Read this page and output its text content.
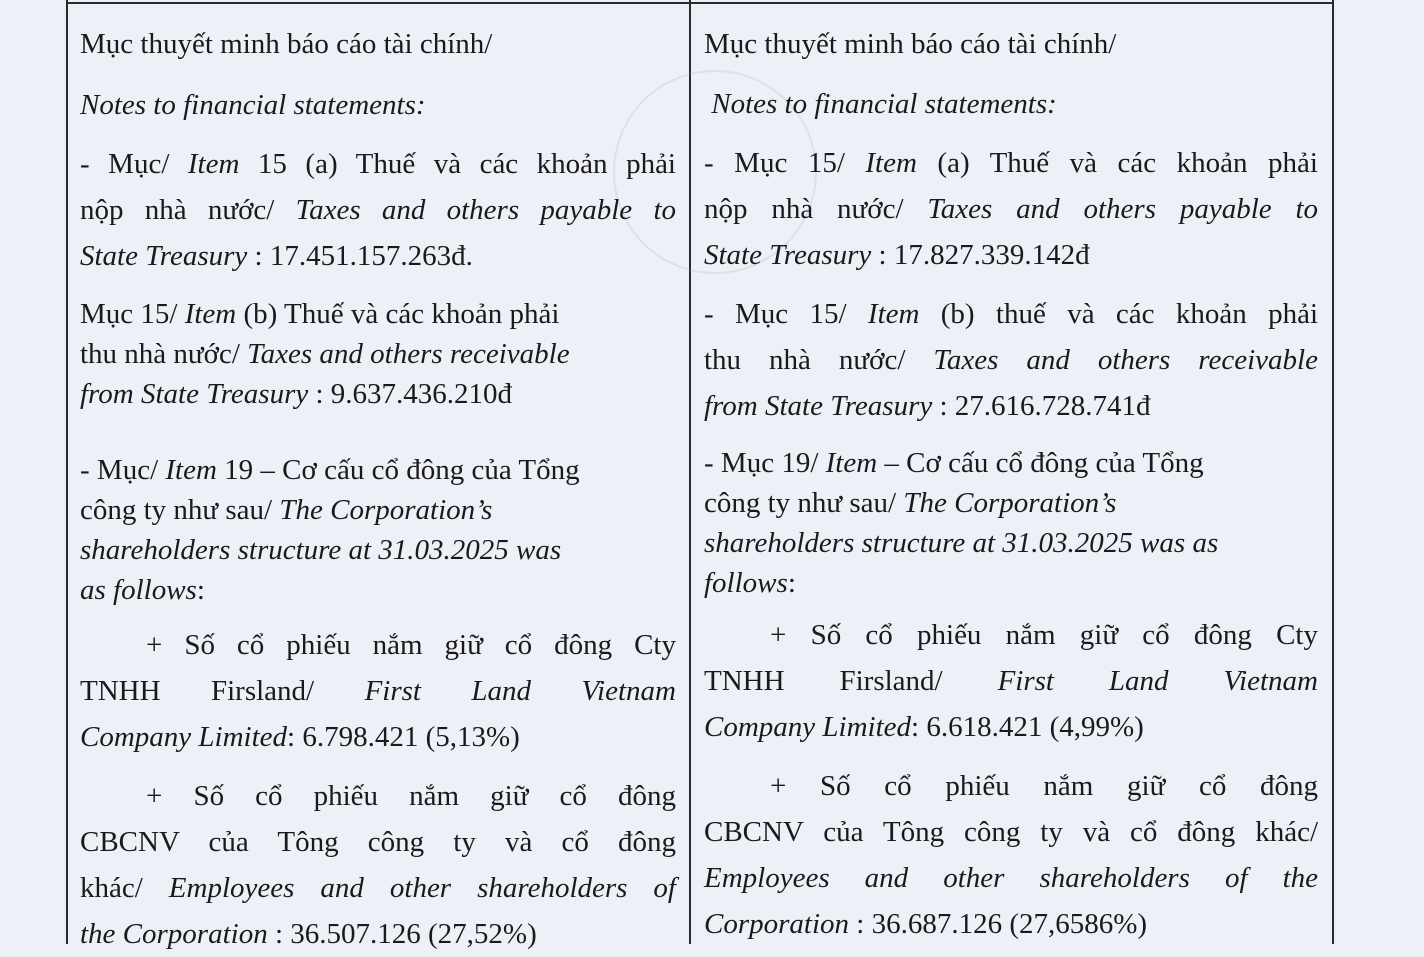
Mục thuyết minh báo cáo tài chính/

Notes to financial statements:

- Mục/ Item 15 (a) Thuế và các khoản phải
nộp nhà nước/ Taxes and others payable to
State Treasury : 17.451.157.263đ.

Mục 15/ Item (b) Thuế và các khoản phải
thu nhà nước/ Taxes and others receivable
from State Treasury : 9.637.436.210đ

- Mục/ Item 19 – Cơ cấu cổ đông của Tổng
công ty như sau/ The Corporation’s
shareholders structure at 31.03.2025 was
as follows:

+ Số cổ phiếu nắm giữ cổ đông Cty
TNHH Firsland/ First Land Vietnam
Company Limited: 6.798.421 (5,13%)

+ Số cổ phiếu nắm giữ cổ đông
CBCNV của Tông công ty và cổ đông
khác/ Employees and other shareholders of
the Corporation : 36.507.126 (27,52%)

Mục thuyết minh báo cáo tài chính/

Notes to financial statements:

- Mục 15/ Item (a) Thuế và các khoản phải
nộp nhà nước/ Taxes and others payable to
State Treasury : 17.827.339.142đ

- Mục 15/ Item (b) thuế và các khoản phải
thu nhà nước/ Taxes and others receivable
from State Treasury : 27.616.728.741đ

- Mục 19/ Item – Cơ cấu cổ đông của Tổng
công ty như sau/ The Corporation’s
shareholders structure at 31.03.2025 was as
follows:

+ Số cổ phiếu nắm giữ cổ đông Cty
TNHH Firsland/ First Land Vietnam
Company Limited: 6.618.421 (4,99%)

+ Số cổ phiếu nắm giữ cổ đông
CBCNV của Tông công ty và cổ đông khác/
Employees and other shareholders of the
Corporation : 36.687.126 (27,6586%)
